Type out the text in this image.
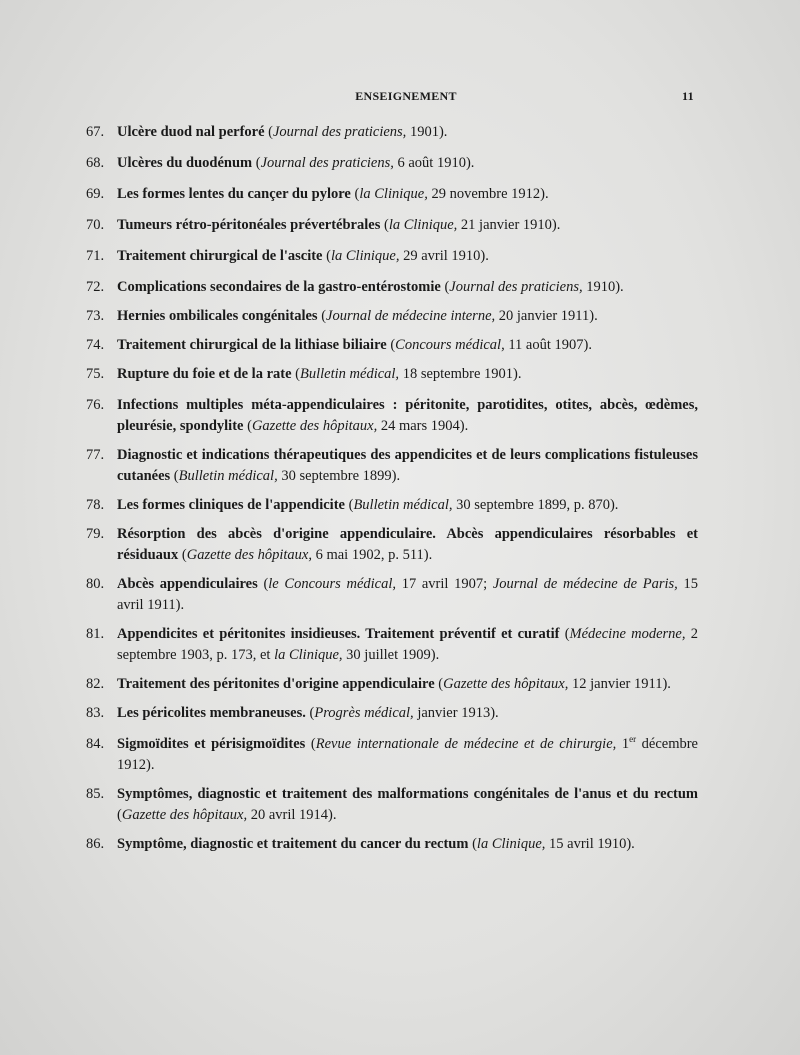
ENSEIGNEMENT	11
67. Ulcère duod nal perforé (Journal des praticiens, 1901).
68. Ulcères du duodénum (Journal des praticiens, 6 août 1910).
69. Les formes lentes du cançer du pylore (la Clinique, 29 novembre 1912).
70. Tumeurs rétro-péritonéales prévertébrales (la Clinique, 21 janvier 1910).
71. Traitement chirurgical de l'ascite (la Clinique, 29 avril 1910).
72. Complications secondaires de la gastro-entérostomie (Journal des praticiens, 1910).
73. Hernies ombilicales congénitales (Journal de médecine interne, 20 janvier 1911).
74. Traitement chirurgical de la lithiase biliaire (Concours médical, 11 août 1907).
75. Rupture du foie et de la rate (Bulletin médical, 18 septembre 1901).
76. Infections multiples méta-appendiculaires : péritonite, parotidites, otites, abcès, œdèmes, pleurésie, spondylite (Gazette des hôpitaux, 24 mars 1904).
77. Diagnostic et indications thérapeutiques des appendicites et de leurs complications fistuleuses cutanées (Bulletin médical, 30 septembre 1899).
78. Les formes cliniques de l'appendicite (Bulletin médical, 30 septembre 1899, p. 870).
79. Résorption des abcès d'origine appendiculaire. Abcès appendiculaires résorbables et résiduaux (Gazette des hôpitaux, 6 mai 1902, p. 511).
80. Abcès appendiculaires (le Concours médical, 17 avril 1907; Journal de médecine de Paris, 15 avril 1911).
81. Appendicites et péritonites insidieuses. Traitement préventif et curatif (Médecine moderne, 2 septembre 1903, p. 173, et la Clinique, 30 juillet 1909).
82. Traitement des péritonites d'origine appendiculaire (Gazette des hôpitaux, 12 janvier 1911).
83. Les péricolites membraneuses. (Progrès médical, janvier 1913).
84. Sigmoïdites et périsigmoïdites (Revue internationale de médecine et de chirurgie, 1er décembre 1912).
85. Symptômes, diagnostic et traitement des malformations congénitales de l'anus et du rectum (Gazette des hôpitaux, 20 avril 1914).
86. Symptôme, diagnostic et traitement du cancer du rectum (la Clinique, 15 avril 1910).
